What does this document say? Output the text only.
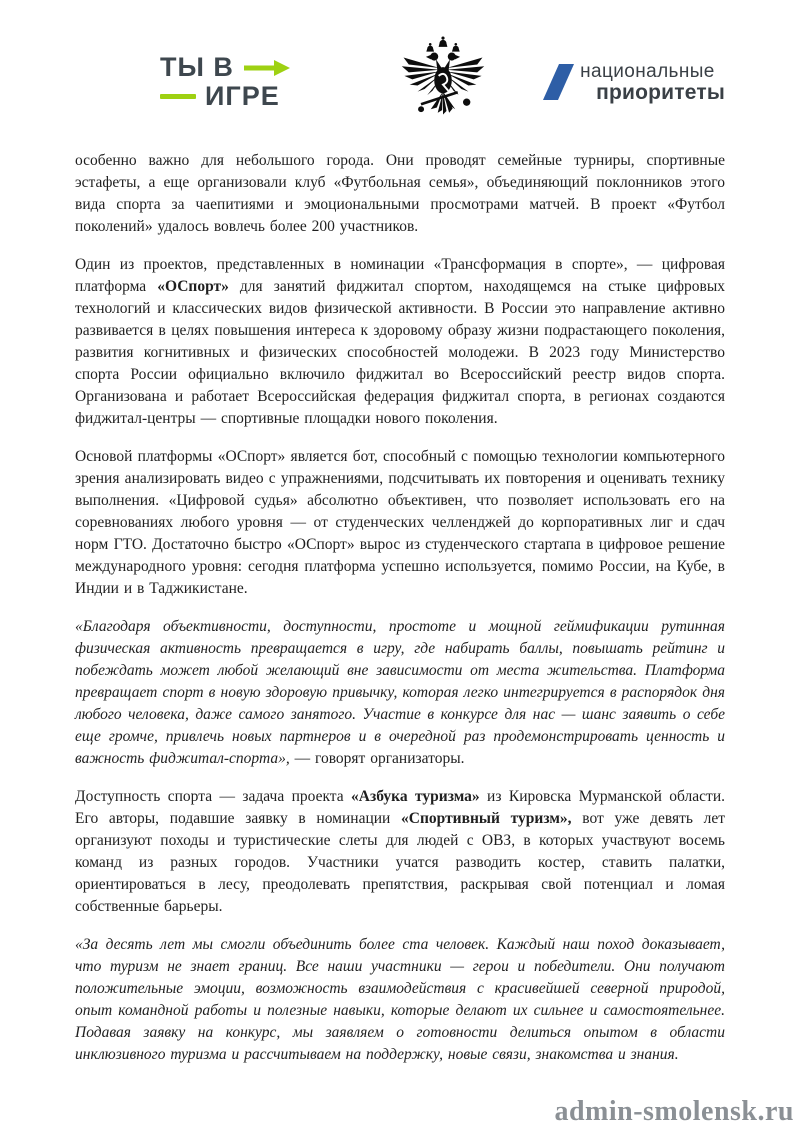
ТЫ В
ИГРЕ
национальные
приоритеты

особенно важно для небольшого города. Они проводят семейные турниры, спортивные эстафеты, а еще организовали клуб «Футбольная семья», объединяющий поклонников этого вида спорта за чаепитиями и эмоциональными просмотрами матчей. В проект «Футбол поколений» удалось вовлечь более 200 участников.

Один из проектов, представленных в номинации «Трансформация в спорте», — цифровая платформа «ОСпорт» для занятий фиджитал спортом, находящемся на стыке цифровых технологий и классических видов физической активности. В России это направление активно развивается в целях повышения интереса к здоровому образу жизни подрастающего поколения, развития когнитивных и физических способностей молодежи. В 2023 году Министерство спорта России официально включило фиджитал во Всероссийский реестр видов спорта. Организована и работает Всероссийская федерация фиджитал спорта, в регионах создаются фиджитал-центры — спортивные площадки нового поколения.

Основой платформы «ОСпорт» является бот, способный с помощью технологии компьютерного зрения анализировать видео с упражнениями, подсчитывать их повторения и оценивать технику выполнения. «Цифровой судья» абсолютно объективен, что позволяет использовать его на соревнованиях любого уровня — от студенческих челленджей до корпоративных лиг и сдач норм ГТО. Достаточно быстро «ОСпорт» вырос из студенческого стартапа в цифровое решение международного уровня: сегодня платформа успешно используется, помимо России, на Кубе, в Индии и в Таджикистане.

«Благодаря объективности, доступности, простоте и мощной геймификации рутинная физическая активность превращается в игру, где набирать баллы, повышать рейтинг и побеждать может любой желающий вне зависимости от места жительства. Платформа превращает спорт в новую здоровую привычку, которая легко интегрируется в распорядок дня любого человека, даже самого занятого. Участие в конкурсе для нас — шанс заявить о себе еще громче, привлечь новых партнеров и в очередной раз продемонстрировать ценность и важность фиджитал-спорта», — говорят организаторы.

Доступность спорта — задача проекта «Азбука туризма» из Кировска Мурманской области. Его авторы, подавшие заявку в номинации «Спортивный туризм», вот уже девять лет организуют походы и туристические слеты для людей с ОВЗ, в которых участвуют восемь команд из разных городов. Участники учатся разводить костер, ставить палатки, ориентироваться в лесу, преодолевать препятствия, раскрывая свой потенциал и ломая собственные барьеры.

«За десять лет мы смогли объединить более ста человек. Каждый наш поход доказывает, что туризм не знает границ. Все наши участники — герои и победители. Они получают положительные эмоции, возможность взаимодействия с красивейшей северной природой, опыт командной работы и полезные навыки, которые делают их сильнее и самостоятельнее. Подавая заявку на конкурс, мы заявляем о готовности делиться опытом в области инклюзивного туризма и рассчитываем на поддержку, новые связи, знакомства и знания.

admin-smolensk.ru
